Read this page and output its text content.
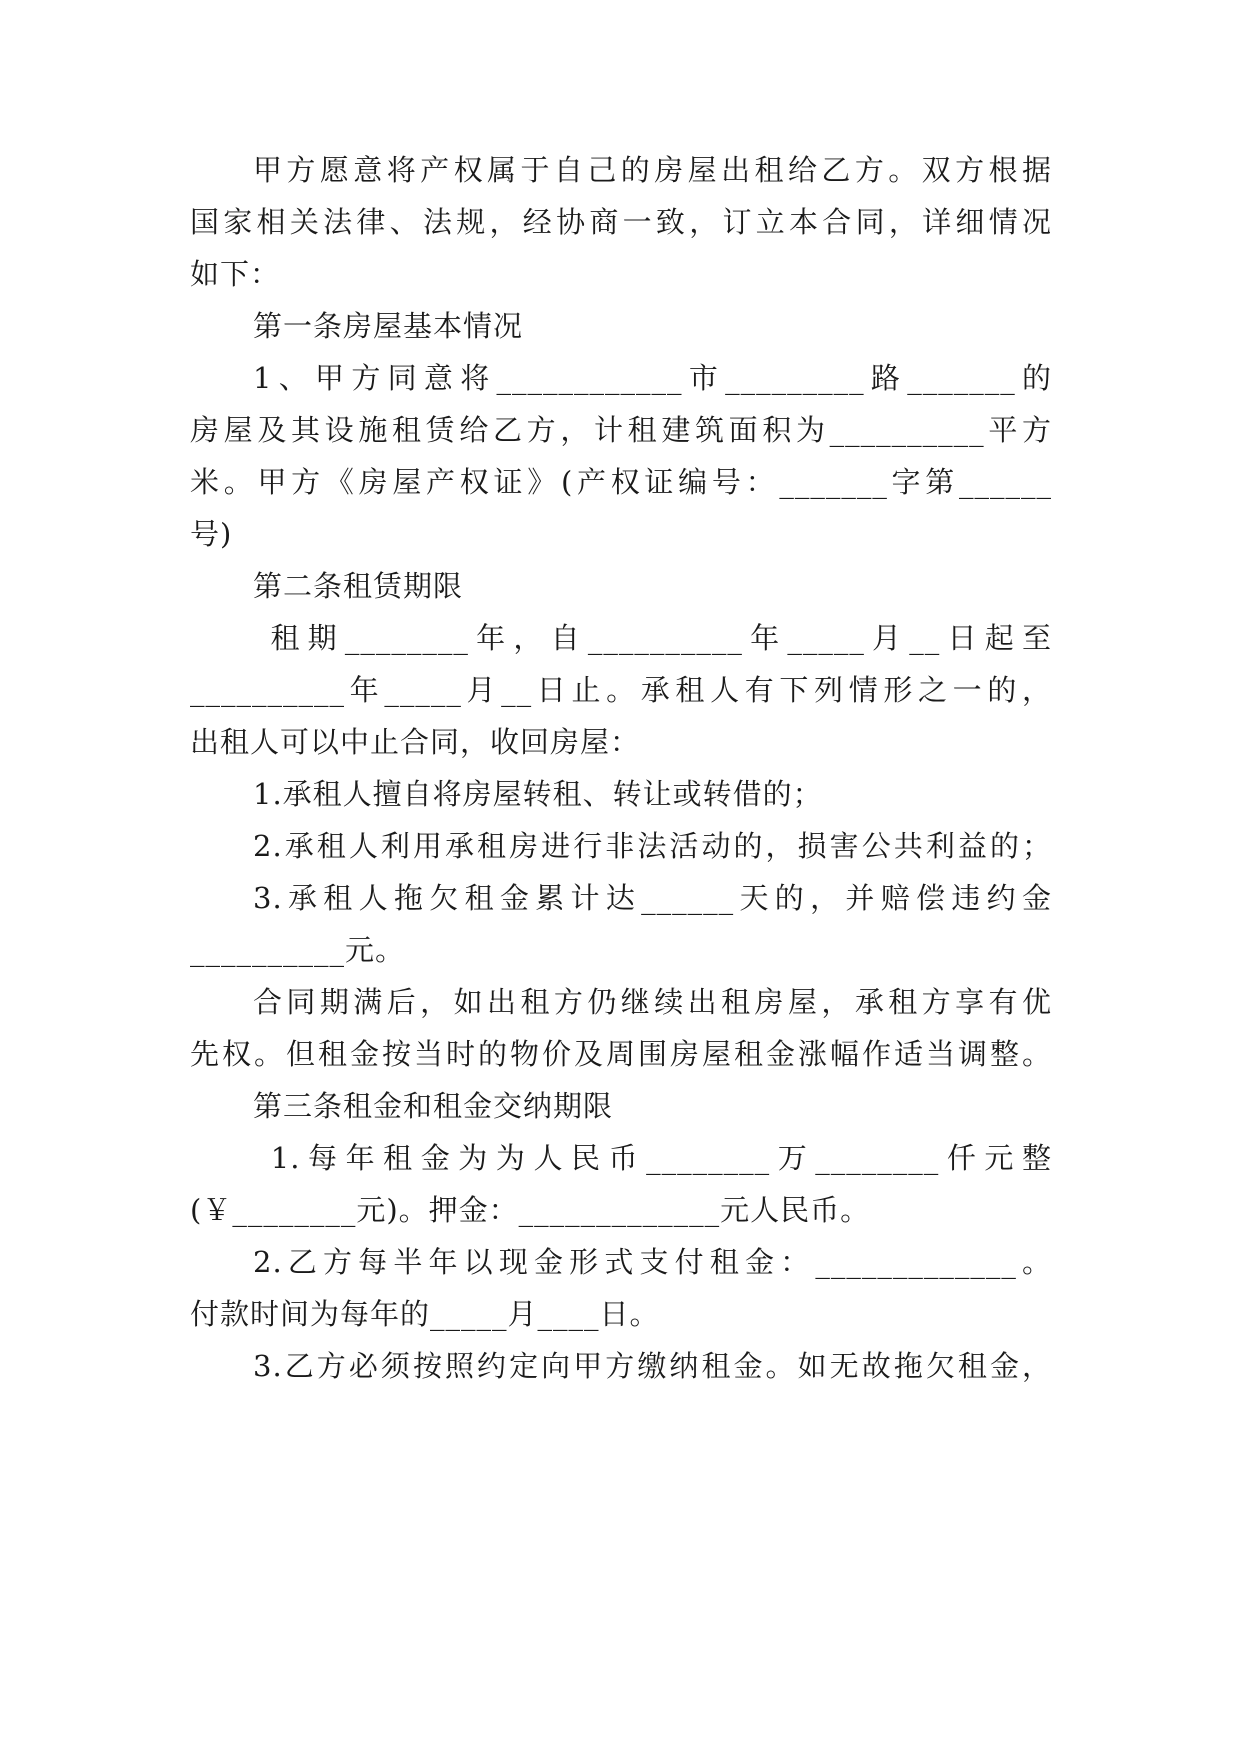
甲方愿意将产权属于自己的房屋出租给乙方。双方根据
国家相关法律、法规，经协商一致，订立本合同，详细情况
如下：
第一条房屋基本情况
1、甲方同意将____________市_________路_______的
房屋及其设施租赁给乙方，计租建筑面积为__________平方
米。甲方《房屋产权证》(产权证编号：_______字第______
号)
第二条租赁期限
租期________年，自__________年_____月__日起至
__________年_____月__日止。承租人有下列情形之一的，
出租人可以中止合同，收回房屋：
1.承租人擅自将房屋转租、转让或转借的；
2.承租人利用承租房进行非法活动的，损害公共利益的；
3.承租人拖欠租金累计达______天的，并赔偿违约金
__________元。
合同期满后，如出租方仍继续出租房屋，承租方享有优
先权。但租金按当时的物价及周围房屋租金涨幅作适当调整。
第三条租金和租金交纳期限
1.每年租金为为人民币________万________仟元整
(￥________元)。押金：_____________元人民币。
2.乙方每半年以现金形式支付租金：_____________。
付款时间为每年的_____月____日。
3.乙方必须按照约定向甲方缴纳租金。如无故拖欠租金，
